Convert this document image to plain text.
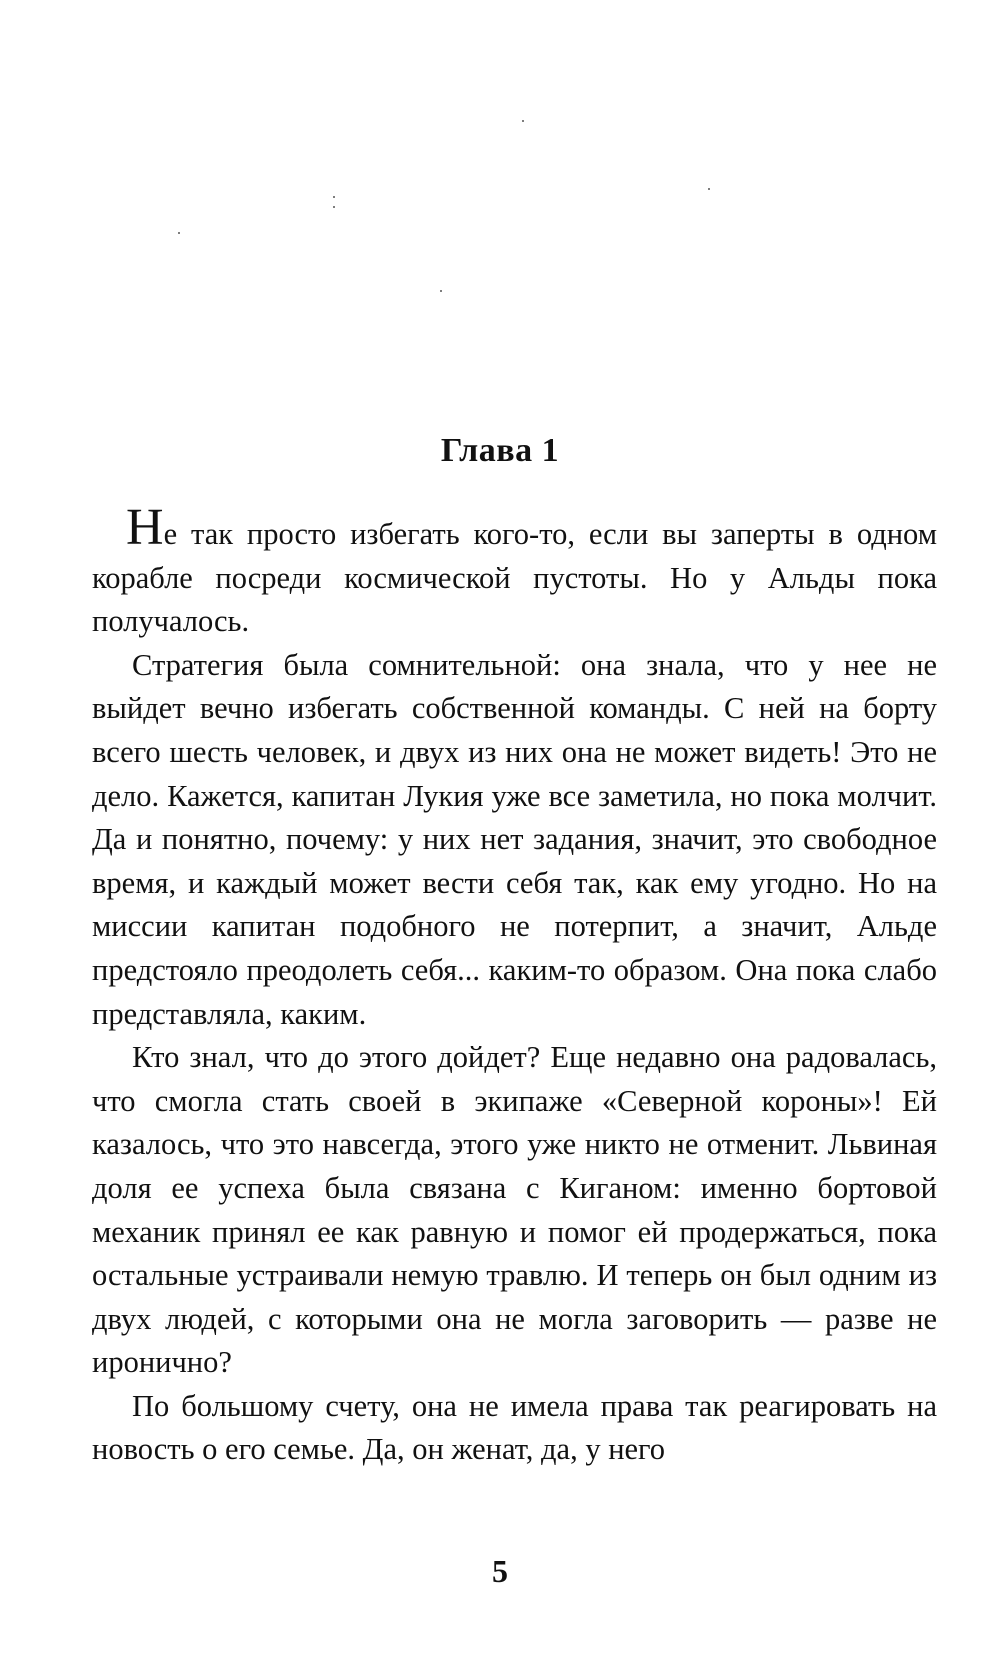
Глава 1

Не так просто избегать кого-то, если вы заперты в одном корабле посреди космической пустоты. Но у Альды пока получалось.

Стратегия была сомнительной: она знала, что у нее не выйдет вечно избегать собственной команды. С ней на борту всего шесть человек, и двух из них она не может видеть! Это не дело. Кажется, капитан Лукия уже все заметила, но пока молчит. Да и понятно, почему: у них нет задания, значит, это свободное время, и каждый может вести себя так, как ему угодно. Но на миссии капитан подобного не потерпит, а значит, Альде предстояло преодолеть себя... каким-то образом. Она пока слабо представляла, каким.

Кто знал, что до этого дойдет? Еще недавно она радовалась, что смогла стать своей в экипаже «Северной короны»! Ей казалось, что это навсегда, этого уже никто не отменит. Львиная доля ее успеха была связана с Киганом: именно бортовой механик принял ее как равную и помог ей продержаться, пока остальные устраивали немую травлю. И теперь он был одним из двух людей, с которыми она не могла заговорить — разве не иронично?

По большому счету, она не имела права так реагировать на новость о его семье. Да, он женат, да, у него

5
